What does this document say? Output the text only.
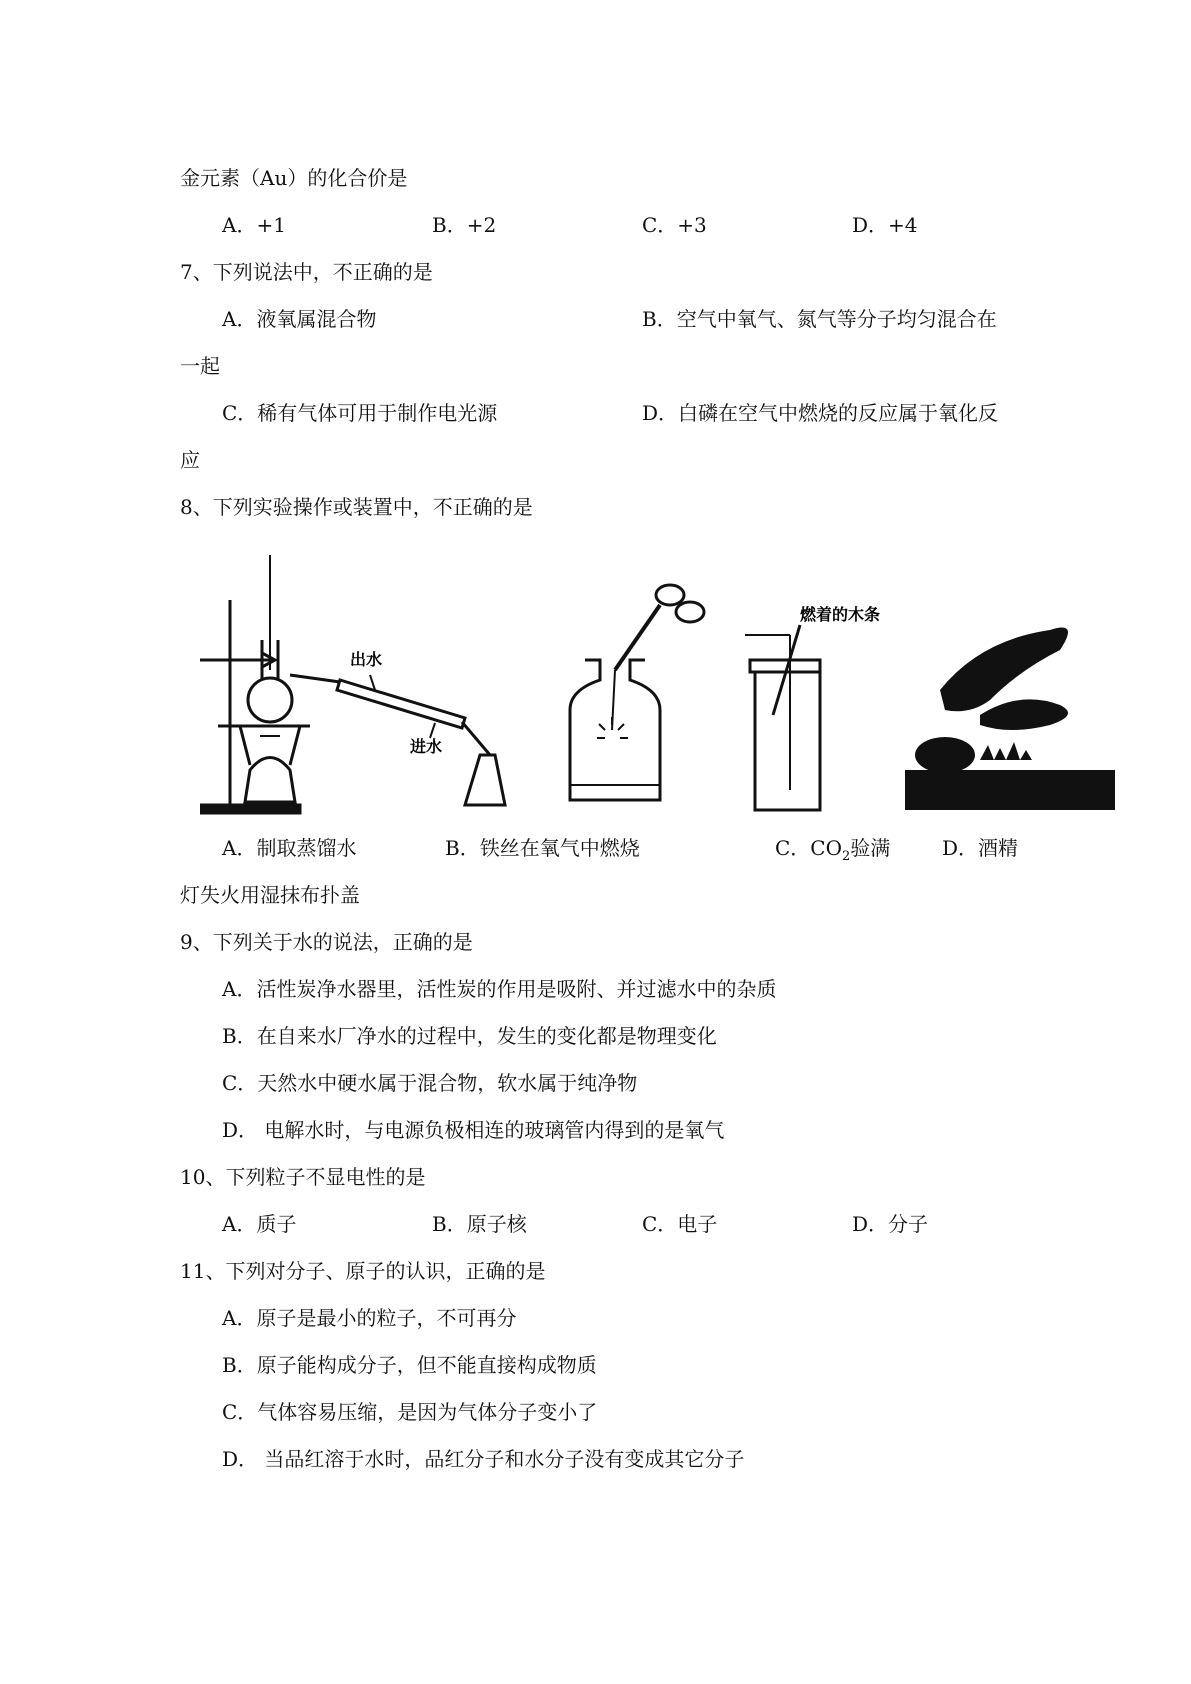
金元素（Au）的化合价是
A．+1	B．+2	C．+3	D．+4
7、下列说法中，不正确的是
A．液氧属混合物	B．空气中氧气、氮气等分子均匀混合在
一起
C．稀有气体可用于制作电光源	D．白磷在空气中燃烧的反应属于氧化反
应
8、下列实验操作或装置中，不正确的是
出水
进水
燃着的木条
A．制取蒸馏水	B．铁丝在氧气中燃烧	C．$CO_2$验满	D．酒精
灯失火用湿抹布扑盖
9、下列关于水的说法，正确的是
A．活性炭净水器里，活性炭的作用是吸附、并过滤水中的杂质
B．在自来水厂净水的过程中，发生的变化都是物理变化
C．天然水中硬水属于混合物，软水属于纯净物
D． 电解水时，与电源负极相连的玻璃管内得到的是氧气
10、下列粒子不显电性的是
A．质子	B．原子核	C．电子	D．分子
11、下列对分子、原子的认识，正确的是
A．原子是最小的粒子，不可再分
B．原子能构成分子，但不能直接构成物质
C．气体容易压缩，是因为气体分子变小了
D． 当品红溶于水时，品红分子和水分子没有变成其它分子
